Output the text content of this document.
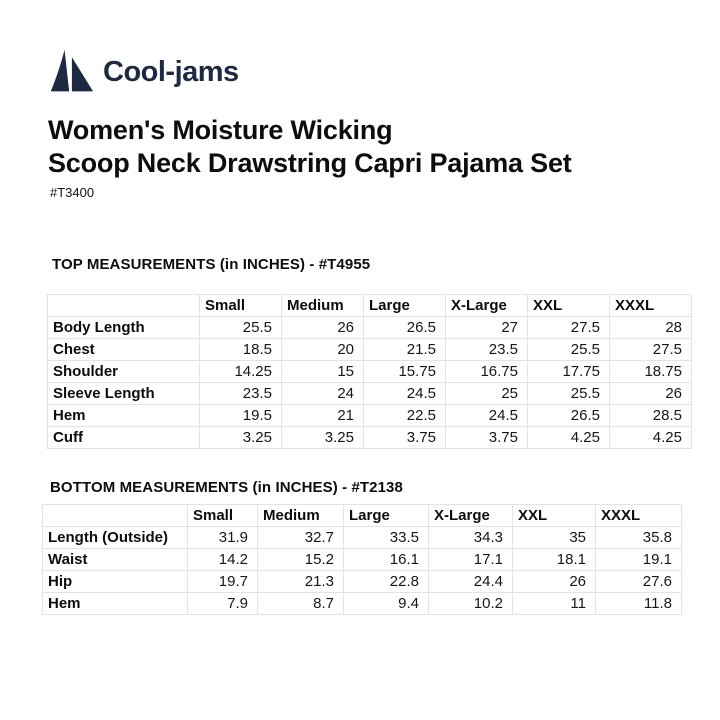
Cool-jams
Women's Moisture Wicking
Scoop Neck Drawstring Capri Pajama Set
#T3400
TOP MEASUREMENTS (in INCHES) - #T4955
	Small	Medium	Large	X-Large	XXL	XXXL
Body Length	25.5	26	26.5	27	27.5	28
Chest	18.5	20	21.5	23.5	25.5	27.5
Shoulder	14.25	15	15.75	16.75	17.75	18.75
Sleeve Length	23.5	24	24.5	25	25.5	26
Hem	19.5	21	22.5	24.5	26.5	28.5
Cuff	3.25	3.25	3.75	3.75	4.25	4.25
BOTTOM MEASUREMENTS (in INCHES) - #T2138
	Small	Medium	Large	X-Large	XXL	XXXL
Length (Outside)	31.9	32.7	33.5	34.3	35	35.8
Waist	14.2	15.2	16.1	17.1	18.1	19.1
Hip	19.7	21.3	22.8	24.4	26	27.6
Hem	7.9	8.7	9.4	10.2	11	11.8
